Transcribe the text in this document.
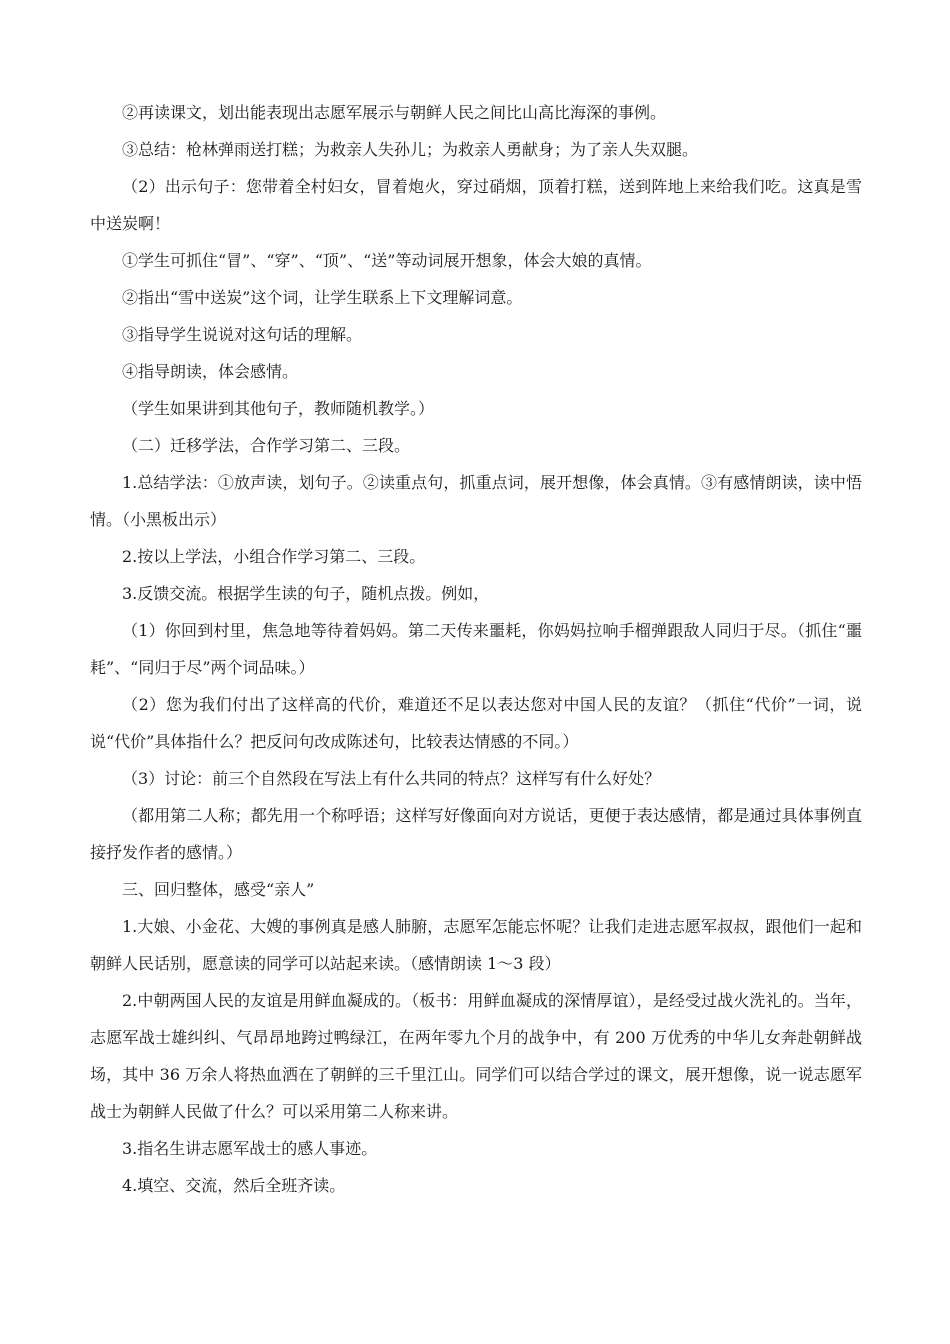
②再读课文，划出能表现出志愿军展示与朝鲜人民之间比山高比海深的事例。

③总结：枪林弹雨送打糕；为救亲人失孙儿；为救亲人勇献身；为了亲人失双腿。

（2）出示句子：您带着全村妇女，冒着炮火，穿过硝烟，顶着打糕，送到阵地上来给我们吃。这真是雪中送炭啊！

①学生可抓住“冒”、“穿”、“顶”、“送”等动词展开想象，体会大娘的真情。

②指出“雪中送炭”这个词，让学生联系上下文理解词意。

③指导学生说说对这句话的理解。

④指导朗读，体会感情。

（学生如果讲到其他句子，教师随机教学。）

（二）迁移学法，合作学习第二、三段。

1.总结学法：①放声读，划句子。②读重点句，抓重点词，展开想像，体会真情。③有感情朗读，读中悟情。（小黑板出示）

2.按以上学法，小组合作学习第二、三段。

3.反馈交流。根据学生读的句子，随机点拨。例如，

（1）你回到村里，焦急地等待着妈妈。第二天传来噩耗，你妈妈拉响手榴弹跟敌人同归于尽。（抓住“噩耗”、“同归于尽”两个词品味。）

（2）您为我们付出了这样高的代价，难道还不足以表达您对中国人民的友谊？（抓住“代价”一词，说说“代价”具体指什么？把反问句改成陈述句，比较表达情感的不同。）

（3）讨论：前三个自然段在写法上有什么共同的特点？这样写有什么好处？

（都用第二人称；都先用一个称呼语；这样写好像面向对方说话，更便于表达感情，都是通过具体事例直接抒发作者的感情。）

三、回归整体，感受“亲人”

1.大娘、小金花、大嫂的事例真是感人肺腑，志愿军怎能忘怀呢？让我们走进志愿军叔叔，跟他们一起和朝鲜人民话别，愿意读的同学可以站起来读。（感情朗读 1～3 段）

2.中朝两国人民的友谊是用鲜血凝成的。（板书：用鲜血凝成的深情厚谊），是经受过战火洗礼的。当年，志愿军战士雄纠纠、气昂昂地跨过鸭绿江，在两年零九个月的战争中，有 200 万优秀的中华儿女奔赴朝鲜战场，其中 36 万余人将热血洒在了朝鲜的三千里江山。同学们可以结合学过的课文，展开想像，说一说志愿军战士为朝鲜人民做了什么？可以采用第二人称来讲。

3.指名生讲志愿军战士的感人事迹。

4.填空、交流，然后全班齐读。
